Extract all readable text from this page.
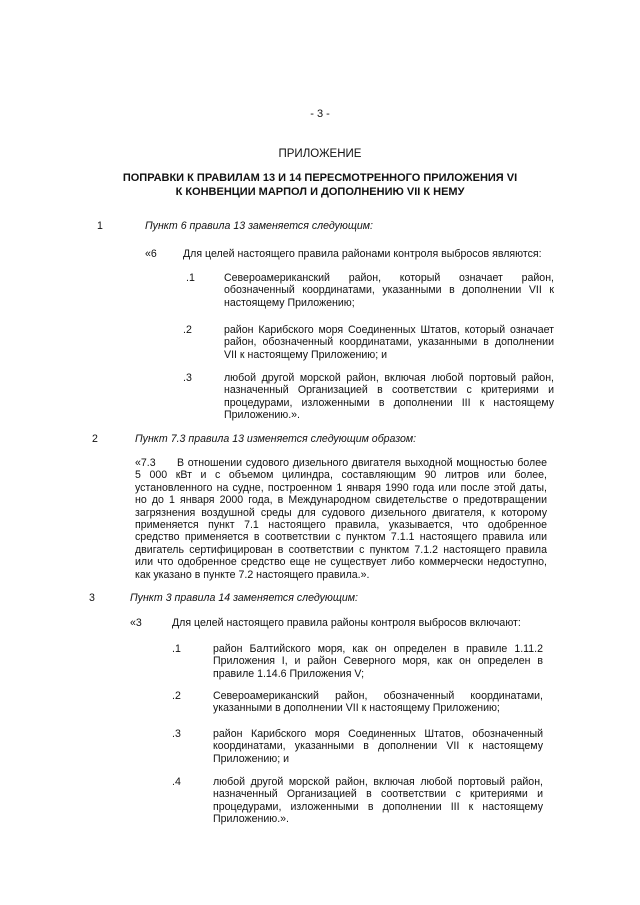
- 3 -
ПРИЛОЖЕНИЕ
ПОПРАВКИ К ПРАВИЛАМ 13 И 14 ПЕРЕСМОТРЕННОГО ПРИЛОЖЕНИЯ VI
К КОНВЕНЦИИ МАРПОЛ И ДОПОЛНЕНИЮ VII К НЕМУ
1	Пункт 6 правила 13 заменяется следующим:
«6 Для целей настоящего правила районами контроля выбросов являются:
.1	Североамериканский район, который означает район, обозначенный координатами, указанными в дополнении VII к настоящему Приложению;
.2	район Карибского моря Соединенных Штатов, который означает район, обозначенный координатами, указанными в дополнении VII к настоящему Приложению; и
.3	любой другой морской район, включая любой портовый район, назначенный Организацией в соответствии с критериями и процедурами, изложенными в дополнении III к настоящему Приложению.».
2	Пункт 7.3 правила 13 изменяется следующим образом:
«7.3	В отношении судового дизельного двигателя выходной мощностью более 5 000 кВт и с объемом цилиндра, составляющим 90 литров или более, установленного на судне, построенном 1 января 1990 года или после этой даты, но до 1 января 2000 года, в Международном свидетельстве о предотвращении загрязнения воздушной среды для судового дизельного двигателя, к которому применяется пункт 7.1 настоящего правила, указывается, что одобренное средство применяется в соответствии с пунктом 7.1.1 настоящего правила или двигатель сертифицирован в соответствии с пунктом 7.1.2 настоящего правила или что одобренное средство еще не существует либо коммерчески недоступно, как указано в пункте 7.2 настоящего правила.».
3	Пункт 3 правила 14 заменяется следующим:
«3	Для целей настоящего правила районы контроля выбросов включают:
.1	район Балтийского моря, как он определен в правиле 1.11.2 Приложения I, и район Северного моря, как он определен в правиле 1.14.6 Приложения V;
.2	Североамериканский район, обозначенный координатами, указанными в дополнении VII к настоящему Приложению;
.3	район Карибского моря Соединенных Штатов, обозначенный координатами, указанными в дополнении VII к настоящему Приложению; и
.4	любой другой морской район, включая любой портовый район, назначенный Организацией в соответствии с критериями и процедурами, изложенными в дополнении III к настоящему Приложению.».
